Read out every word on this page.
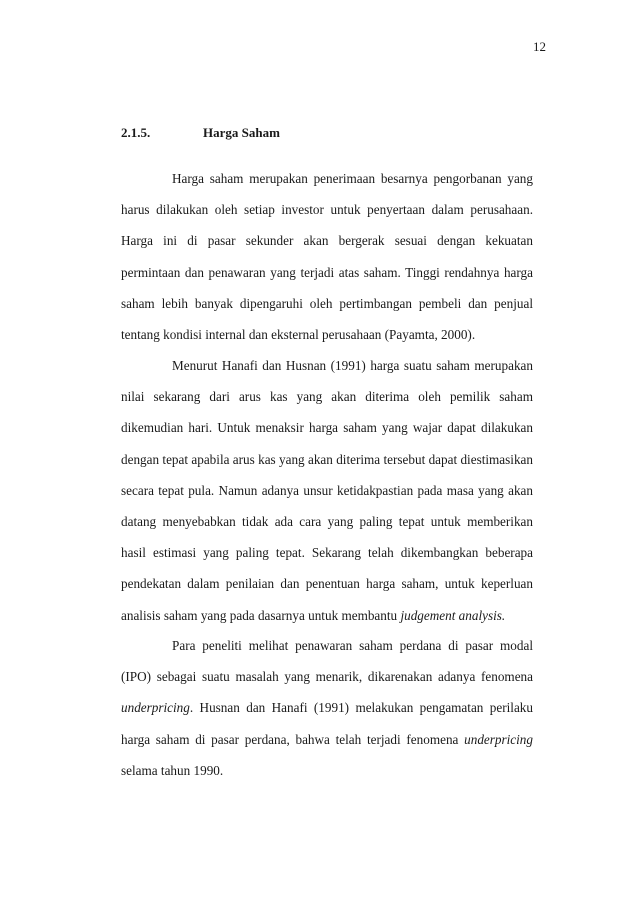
12
2.1.5.	Harga Saham

Harga saham merupakan penerimaan besarnya pengorbanan yang harus dilakukan oleh setiap investor untuk penyertaan dalam perusahaan. Harga ini di pasar sekunder akan bergerak sesuai dengan kekuatan permintaan dan penawaran yang terjadi atas saham. Tinggi rendahnya harga saham lebih banyak dipengaruhi oleh pertimbangan pembeli dan penjual tentang kondisi internal dan eksternal perusahaan (Payamta, 2000).

Menurut Hanafi dan Husnan (1991) harga suatu saham merupakan nilai sekarang dari arus kas yang akan diterima oleh pemilik saham dikemudian hari. Untuk menaksir harga saham yang wajar dapat dilakukan dengan tepat apabila arus kas yang akan diterima tersebut dapat diestimasikan secara tepat pula. Namun adanya unsur ketidakpastian pada masa yang akan datang menyebabkan tidak ada cara yang paling tepat untuk memberikan hasil estimasi yang paling tepat. Sekarang telah dikembangkan beberapa pendekatan dalam penilaian dan penentuan harga saham, untuk keperluan analisis saham yang pada dasarnya untuk membantu judgement analysis.

Para peneliti melihat penawaran saham perdana di pasar modal (IPO) sebagai suatu masalah yang menarik, dikarenakan adanya fenomena underpricing. Husnan dan Hanafi (1991) melakukan pengamatan perilaku harga saham di pasar perdana, bahwa telah terjadi fenomena underpricing selama tahun 1990.
